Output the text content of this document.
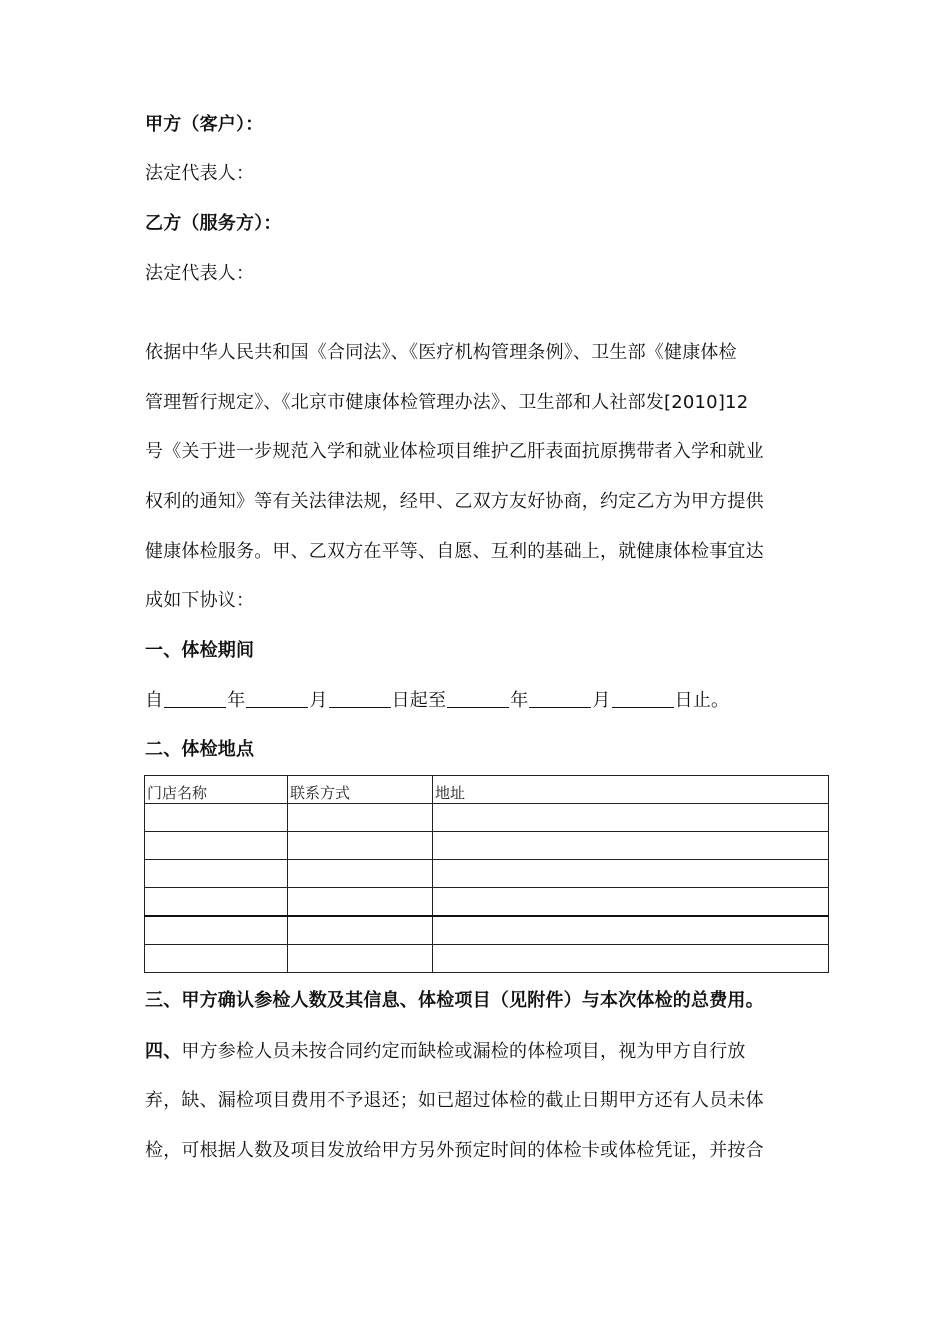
甲方（客户）：
法定代表人：
乙方（服务方）：
法定代表人：
依据中华人民共和国《合同法》、《医疗机构管理条例》、卫生部《健康体检
管理暂行规定》、《北京市健康体检管理办法》、卫生部和人社部发[2010]12
号《关于进一步规范入学和就业体检项目维护乙肝表面抗原携带者入学和就业
权利的通知》等有关法律法规，经甲、乙双方友好协商，约定乙方为甲方提供
健康体检服务。甲、乙双方在平等、自愿、互利的基础上，就健康体检事宜达
成如下协议：
一、体检期间
自	年	月	日起至	年	月	日止。
二、体检地点
门店名称	联系方式	地址

三、甲方确认参检人数及其信息、体检项目（见附件）与本次体检的总费用。
四、甲方参检人员未按合同约定而缺检或漏检的体检项目，视为甲方自行放
弃，缺、漏检项目费用不予退还；如已超过体检的截止日期甲方还有人员未体
检，可根据人数及项目发放给甲方另外预定时间的体检卡或体检凭证，并按合
